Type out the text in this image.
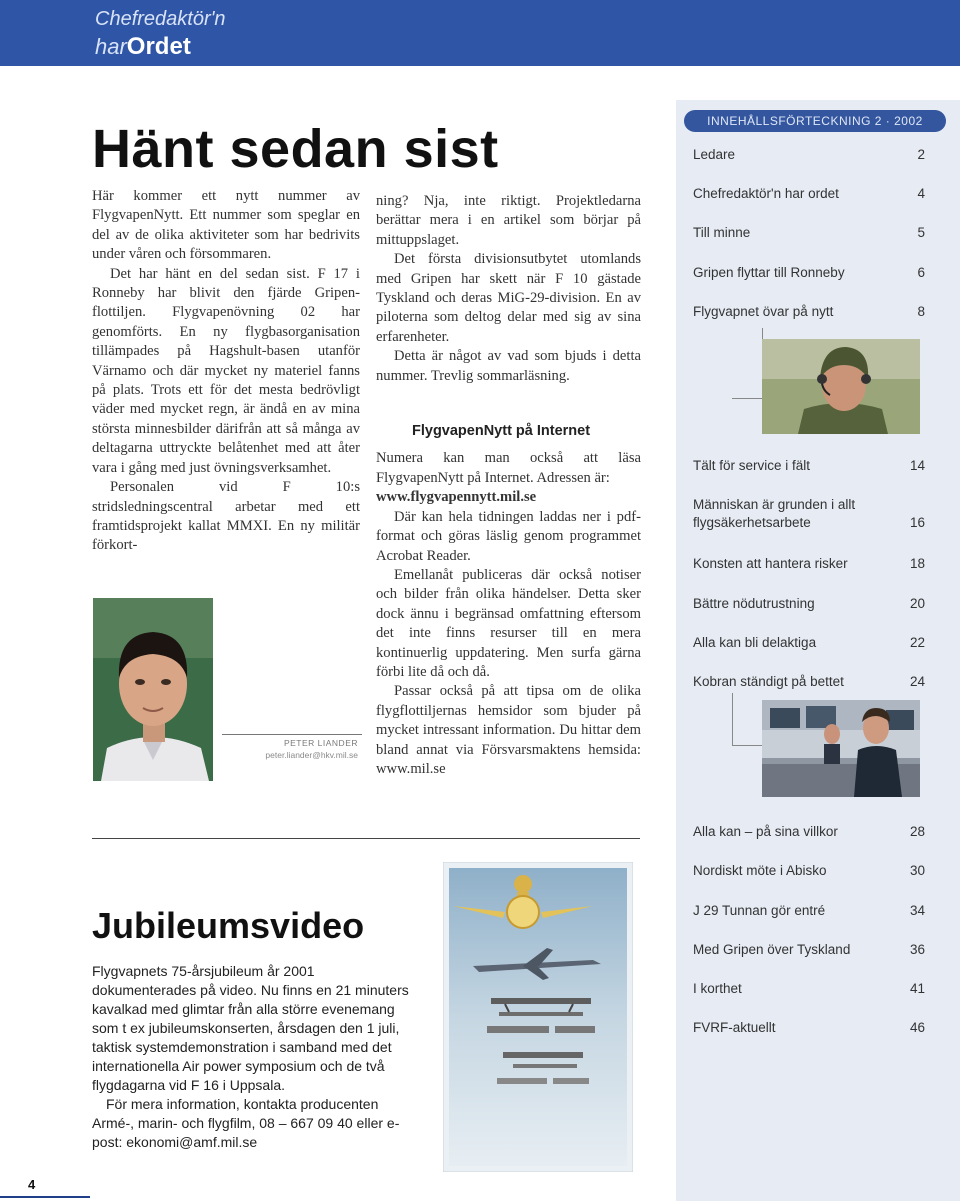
Chefredaktör'n
harOrdet
Hänt sedan sist

Här kommer ett nytt nummer av FlygvapenNytt. Ett nummer som speglar en del av de olika aktiviteter som har bedrivits under våren och försommaren.

Det har hänt en del sedan sist. F 17 i Ronneby har blivit den fjärde Gripen-flottiljen. Flygvapenövning 02 har genomförts. En ny flygbasorganisation tillämpades på Hagshult-basen utanför Värnamo och där mycket ny materiel fanns på plats. Trots ett för det mesta bedrövligt väder med mycket regn, är ändå en av mina största minnesbilder därifrån att så många av deltagarna uttryckte belåtenhet med att åter vara i gång med just övningsverksamhet.

Personalen vid F 10:s stridsledningscentral arbetar med ett framtidsprojekt kallat MMXI. En ny militär förkort-

PETER LIANDER
peter.liander@hkv.mil.se

ning? Nja, inte riktigt. Projektledarna berättar mera i en artikel som börjar på mittuppslaget.

Det första divisionsutbytet utomlands med Gripen har skett när F 10 gästade Tyskland och deras MiG-29-division. En av piloterna som deltog delar med sig av sina erfarenheter.

Detta är något av vad som bjuds i detta nummer. Trevlig sommarläsning.

FlygvapenNytt på Internet

Numera kan man också att läsa FlygvapenNytt på Internet. Adressen är:
www.flygvapennytt.mil.se

Där kan hela tidningen laddas ner i pdf-format och göras läslig genom programmet Acrobat Reader.

Emellanåt publiceras där också notiser och bilder från olika händelser. Detta sker dock ännu i begränsad omfattning eftersom det inte finns resurser till en mera kontinuerlig uppdatering. Men surfa gärna förbi lite då och då.

Passar också på att tipsa om de olika flygflottiljernas hemsidor som bjuder på mycket intressant information. Du hittar dem bland annat via Försvarsmaktens hemsida: www.mil.se

Jubileumsvideo

Flygvapnets 75-årsjubileum år 2001 dokumenterades på video. Nu finns en 21 minuters kavalkad med glimtar från alla större evenemang som t ex jubileumskonserten, årsdagen den 1 juli, taktisk systemdemonstration i samband med det internationella Air power symposium och de två flygdagarna vid F 16 i Uppsala.

För mera information, kontakta producenten Armé-, marin- och flygfilm, 08 – 667 09 40 eller e-post: ekonomi@amf.mil.se

INNEHÅLLSFÖRTECKNING 2 · 2002
Ledare	2
Chefredaktör'n har ordet	4
Till minne	5
Gripen flyttar till Ronneby	6
Flygvapnet övar på nytt	8
Tält för service i fält	14
Människan är grunden i allt flygsäkerhetsarbete	16
Konsten att hantera risker	18
Bättre nödutrustning	20
Alla kan bli delaktiga	22
Kobran ständigt på bettet	24
Alla kan – på sina villkor	28
Nordiskt möte i Abisko	30
J 29 Tunnan gör entré	34
Med Gripen över Tyskland	36
I korthet	41
FVRF-aktuellt	46
4
